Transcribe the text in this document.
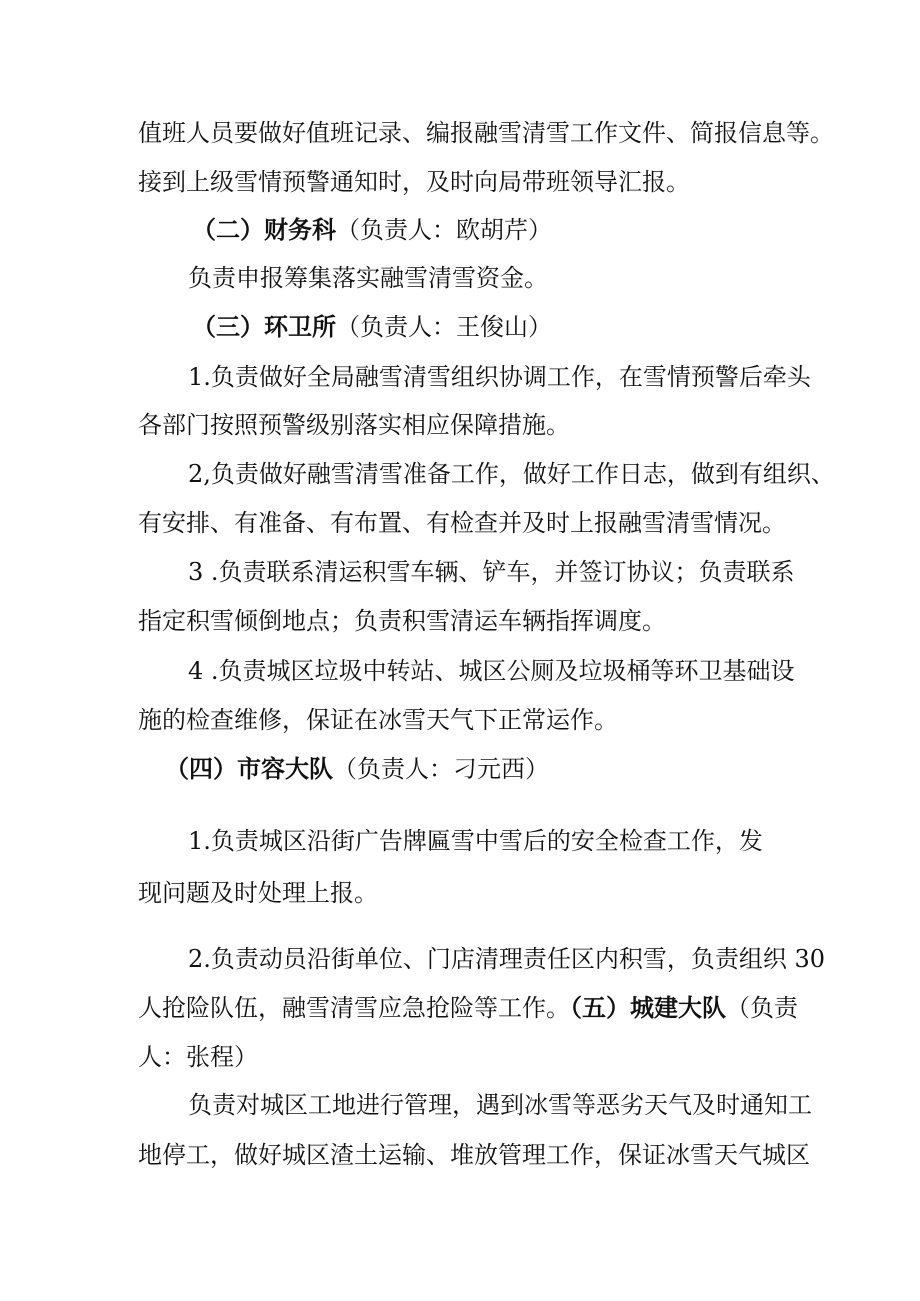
值班人员要做好值班记录、编报融雪清雪工作文件、简报信息等。
接到上级雪情预警通知时，及时向局带班领导汇报。
（二）财务科（负责人：欧胡芹）
负责申报筹集落实融雪清雪资金。
（三）环卫所（负责人：王俊山）
1.负责做好全局融雪清雪组织协调工作，在雪情预警后牵头
各部门按照预警级别落实相应保障措施。
2,负责做好融雪清雪准备工作，做好工作日志，做到有组织、
有安排、有准备、有布置、有检查并及时上报融雪清雪情况。
3 .负责联系清运积雪车辆、铲车，并签订协议；负责联系
指定积雪倾倒地点；负责积雪清运车辆指挥调度。
4 .负责城区垃圾中转站、城区公厕及垃圾桶等环卫基础设
施的检查维修，保证在冰雪天气下正常运作。
（四）市容大队（负责人：刁元西）
1.负责城区沿街广告牌匾雪中雪后的安全检查工作，发
现问题及时处理上报。
2.负责动员沿街单位、门店清理责任区内积雪，负责组织 30
人抢险队伍，融雪清雪应急抢险等工作。（五）城建大队（负责
人：张程）
负责对城区工地进行管理，遇到冰雪等恶劣天气及时通知工
地停工，做好城区渣土运输、堆放管理工作，保证冰雪天气城区
